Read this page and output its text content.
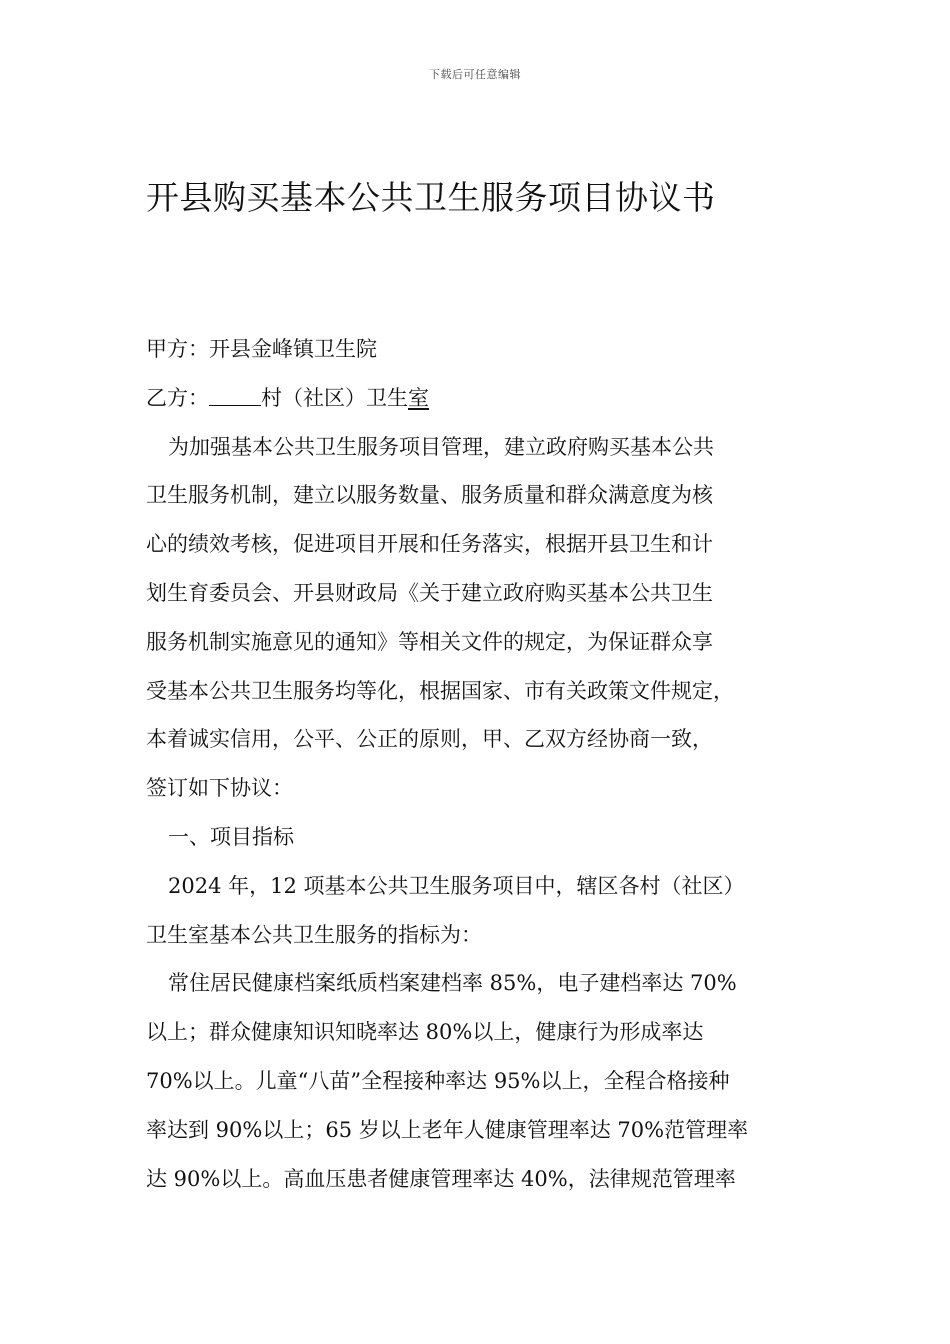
下载后可任意编辑
开县购买基本公共卫生服务项目协议书
甲方：开县金峰镇卫生院
乙方： 村（社区）卫生室
为加强基本公共卫生服务项目管理，建立政府购买基本公共
卫生服务机制，建立以服务数量、服务质量和群众满意度为核
心的绩效考核，促进项目开展和任务落实，根据开县卫生和计
划生育委员会、开县财政局《关于建立政府购买基本公共卫生
服务机制实施意见的通知》等相关文件的规定，为保证群众享
受基本公共卫生服务均等化，根据国家、市有关政策文件规定，
本着诚实信用，公平、公正的原则，甲、乙双方经协商一致，
签订如下协议：
一、项目指标
2024 年，12 项基本公共卫生服务项目中，辖区各村（社区）
卫生室基本公共卫生服务的指标为：
常住居民健康档案纸质档案建档率 85%，电子建档率达 70%
以上；群众健康知识知晓率达 80%以上，健康行为形成率达
70%以上。儿童“八苗”全程接种率达 95%以上，全程合格接种
率达到 90%以上；65 岁以上老年人健康管理率达 70%范管理率
达 90%以上。高血压患者健康管理率达 40%，法律规范管理率
